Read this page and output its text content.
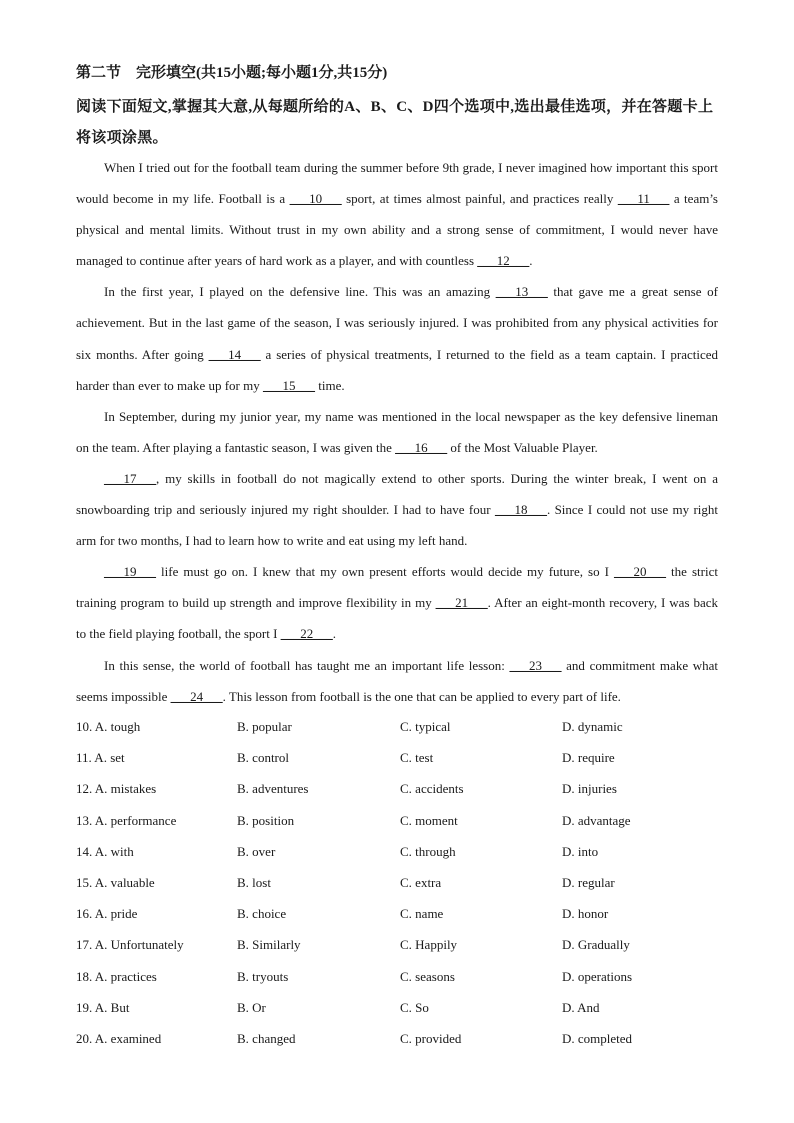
第二节　完形填空(共15小题;每小题1分,共15分)
阅读下面短文,掌握其大意,从每题所给的A、B、C、D四个选项中,选出最佳选项，并在答题卡上将该项涂黑。

When I tried out for the football team during the summer before 9th grade, I never imagined how important this sport would become in my life. Football is a ___10___ sport, at times almost painful, and practices really ___11___ a team’s physical and mental limits. Without trust in my own ability and a strong sense of commitment, I would never have managed to continue after years of hard work as a player, and with countless ___12___.

In the first year, I played on the defensive line. This was an amazing ___13___ that gave me a great sense of achievement. But in the last game of the season, I was seriously injured. I was prohibited from any physical activities for six months. After going ___14___ a series of physical treatments, I returned to the field as a team captain. I practiced harder than ever to make up for my ___15___ time.

In September, during my junior year, my name was mentioned in the local newspaper as the key defensive lineman on the team. After playing a fantastic season, I was given the ___16___ of the Most Valuable Player.

___17___, my skills in football do not magically extend to other sports. During the winter break, I went on a snowboarding trip and seriously injured my right shoulder. I had to have four ___18___. Since I could not use my right arm for two months, I had to learn how to write and eat using my left hand.

___19___ life must go on. I knew that my own present efforts would decide my future, so I ___20___ the strict training program to build up strength and improve flexibility in my ___21___. After an eight-month recovery, I was back to the field playing football, the sport I ___22___.

In this sense, the world of football has taught me an important life lesson: ___23___ and commitment make what seems impossible ___24___. This lesson from football is the one that can be applied to every part of life.

10. A. tough	B. popular	C. typical	D. dynamic
11. A. set	B. control	C. test	D. require
12. A. mistakes	B. adventures	C. accidents	D. injuries
13. A. performance	B. position	C. moment	D. advantage
14. A. with	B. over	C. through	D. into
15. A. valuable	B. lost	C. extra	D. regular
16. A. pride	B. choice	C. name	D. honor
17. A. Unfortunately	B. Similarly	C. Happily	D. Gradually
18. A. practices	B. tryouts	C. seasons	D. operations
19. A. But	B. Or	C. So	D. And
20. A. examined	B. changed	C. provided	D. completed
